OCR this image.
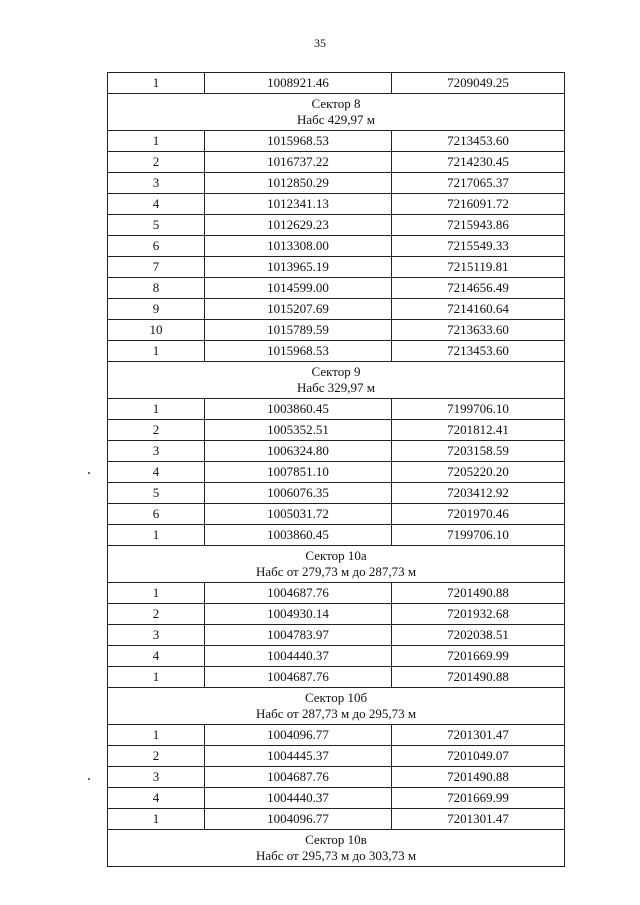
35
1	1008921.46	7209049.25

Сектор 8
Набс 429,97 м		

1	1015968.53	7213453.60
2	1016737.22	7214230.45
3	1012850.29	7217065.37
4	1012341.13	7216091.72
5	1012629.23	7215943.86
6	1013308.00	7215549.33
7	1013965.19	7215119.81
8	1014599.00	7214656.49
9	1015207.69	7214160.64
10	1015789.59	7213633.60
1	1015968.53	7213453.60

Сектор 9
Набс 329,97 м		

1	1003860.45	7199706.10
2	1005352.51	7201812.41
3	1006324.80	7203158.59
4	1007851.10	7205220.20
5	1006076.35	7203412.92
6	1005031.72	7201970.46
1	1003860.45	7199706.10

Сектор 10а
Набс от 279,73 м до 287,73 м		

1	1004687.76	7201490.88
2	1004930.14	7201932.68
3	1004783.97	7202038.51
4	1004440.37	7201669.99
1	1004687.76	7201490.88

Сектор 10б
Набс от 287,73 м до 295,73 м		

1	1004096.77	7201301.47
2	1004445.37	7201049.07
3	1004687.76	7201490.88
4	1004440.37	7201669.99
1	1004096.77	7201301.47

Сектор 10в
Набс от 295,73 м до 303,73 м		
